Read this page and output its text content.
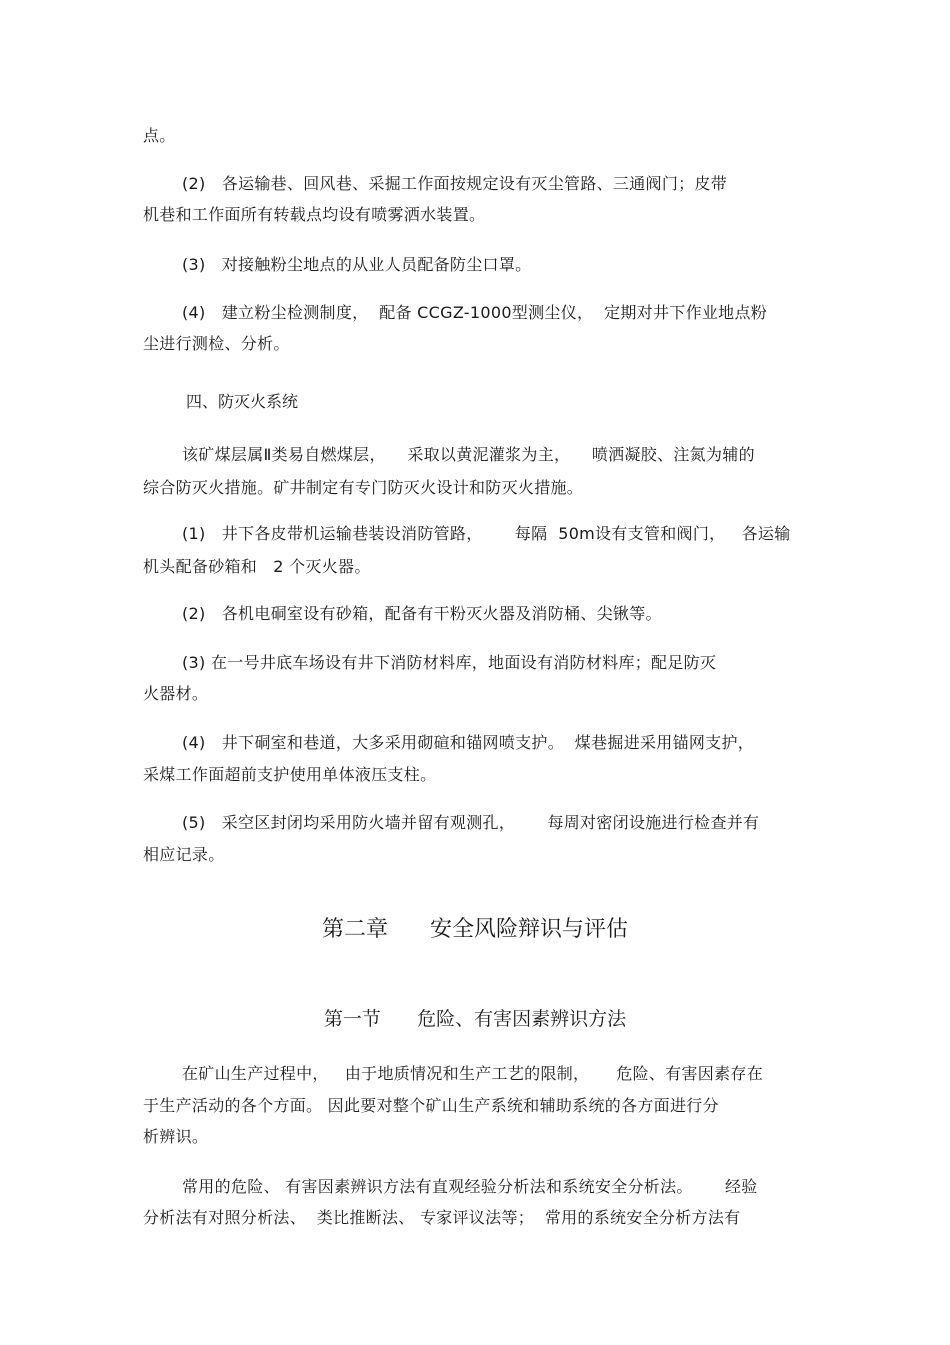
点。
(2)   各运输巷、回风巷、采掘工作面按规定设有灭尘管路、三通阀门；皮带
机巷和工作面所有转载点均设有喷雾洒水装置。
(3)   对接触粉尘地点的从业人员配备防尘口罩。
(4)   建立粉尘检测制度，  配备 CCGZ-1000型测尘仪，  定期对井下作业地点粉
尘进行测检、分析。
四、防灭火系统
该矿煤层属Ⅱ类易自燃煤层，    采取以黄泥灌浆为主，    喷洒凝胶、注氮为辅的
综合防灭火措施。矿井制定有专门防灭火设计和防灭火措施。
(1)   井下各皮带机运输巷装设消防管路，      每隔  50m设有支管和阀门，   各运输
机头配备砂箱和   2 个灭火器。
(2)   各机电硐室设有砂箱，配备有干粉灭火器及消防桶、尖锹等。
(3) 在一号井底车场设有井下消防材料库，地面设有消防材料库；配足防灭
火器材。
(4)   井下硐室和巷道，大多采用砌碹和锚网喷支护。  煤巷掘进采用锚网支护，
采煤工作面超前支护使用单体液压支柱。
(5)   采空区封闭均采用防火墙并留有观测孔，      每周对密闭设施进行检查并有
相应记录。
第二章      安全风险辩识与评估
第一节      危险、有害因素辨识方法
在矿山生产过程中，   由于地质情况和生产工艺的限制，     危险、有害因素存在
于生产活动的各个方面。 因此要对整个矿山生产系统和辅助系统的各方面进行分
析辨识。
常用的危险、 有害因素辨识方法有直观经验分析法和系统安全分析法。      经验
分析法有对照分析法、  类比推断法、 专家评议法等；  常用的系统安全分析方法有
